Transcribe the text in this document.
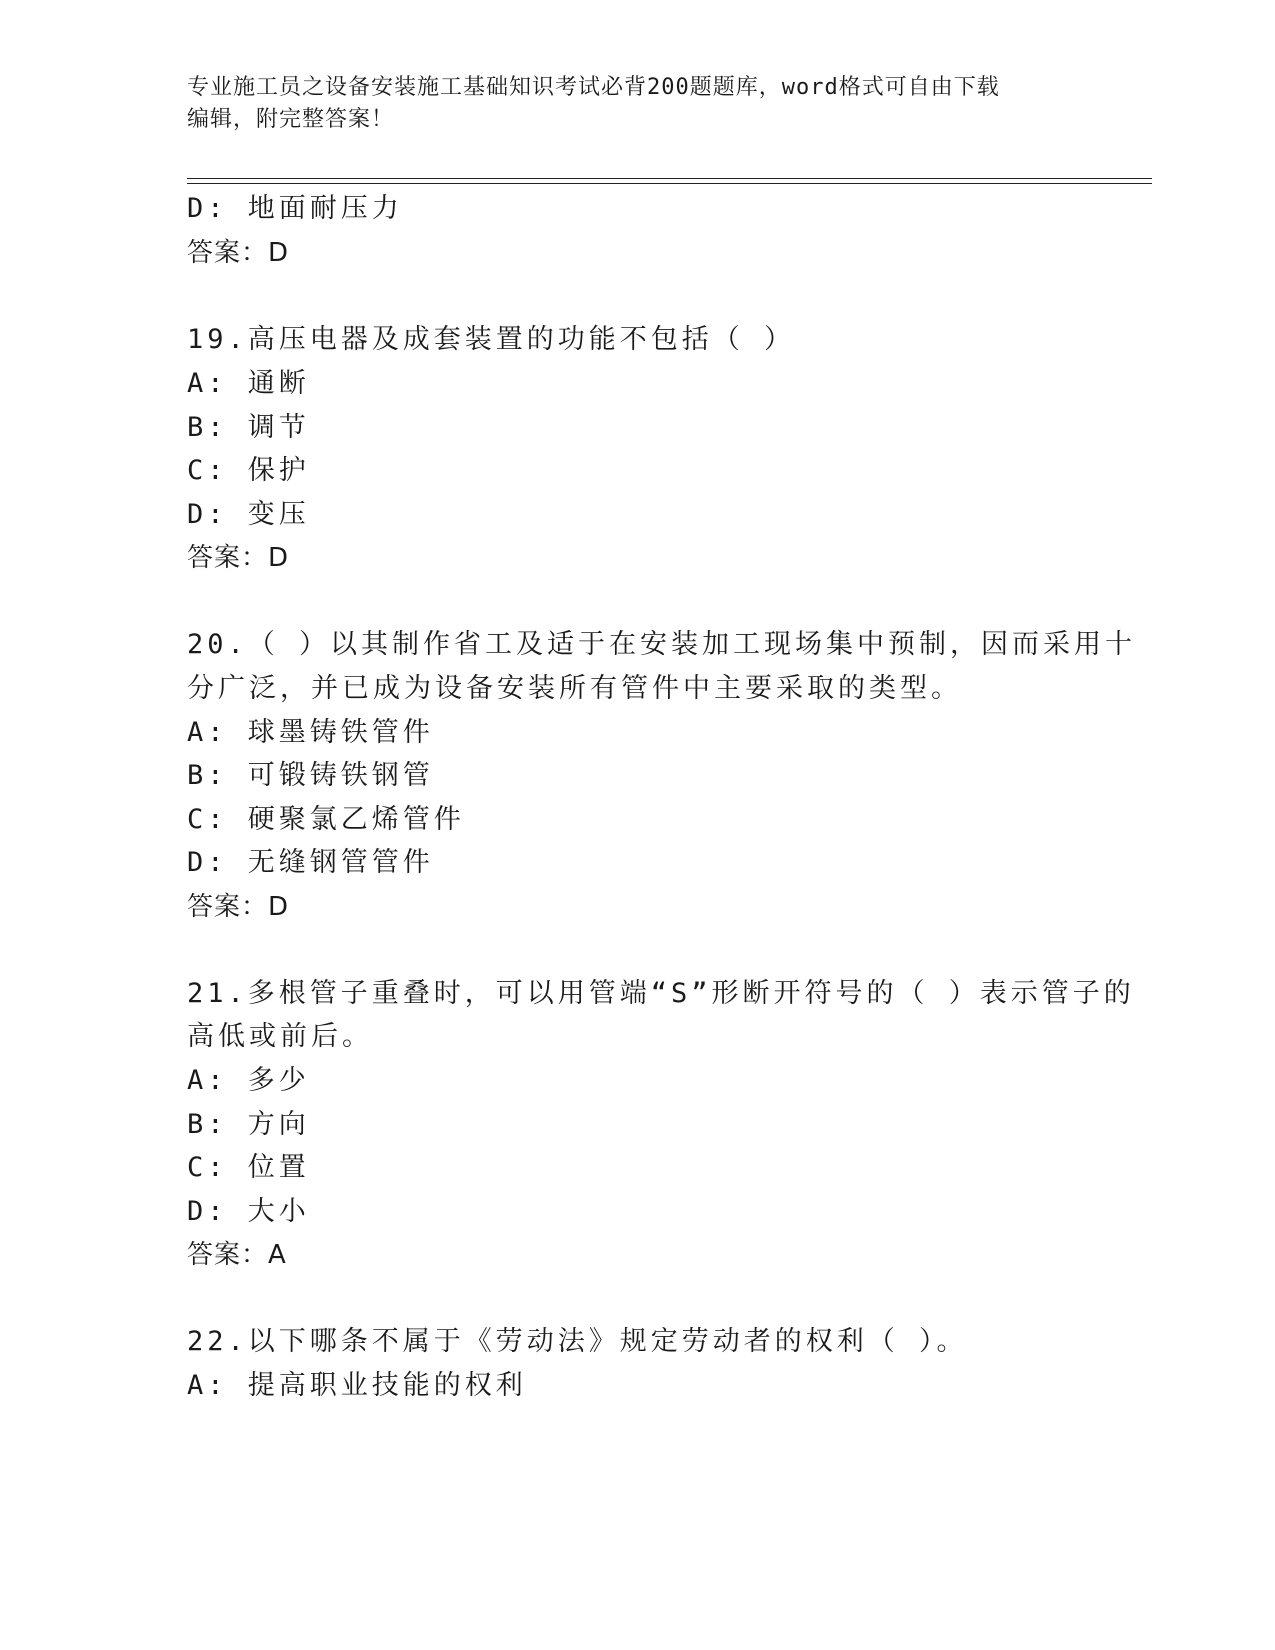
专业施工员之设备安装施工基础知识考试必背200题题库，word格式可自由下载
编辑，附完整答案！
D: 地面耐压力
答案：D
19.高压电器及成套装置的功能不包括（ ）
A: 通断
B: 调节
C: 保护
D: 变压
答案：D
20.（ ）以其制作省工及适于在安装加工现场集中预制，因而采用十
分广泛，并已成为设备安装所有管件中主要采取的类型。
A: 球墨铸铁管件
B: 可锻铸铁钢管
C: 硬聚氯乙烯管件
D: 无缝钢管管件
答案：D
21.多根管子重叠时，可以用管端“S”形断开符号的（ ）表示管子的
高低或前后。
A: 多少
B: 方向
C: 位置
D: 大小
答案：A
22.以下哪条不属于《劳动法》规定劳动者的权利（ ）。
A: 提高职业技能的权利
